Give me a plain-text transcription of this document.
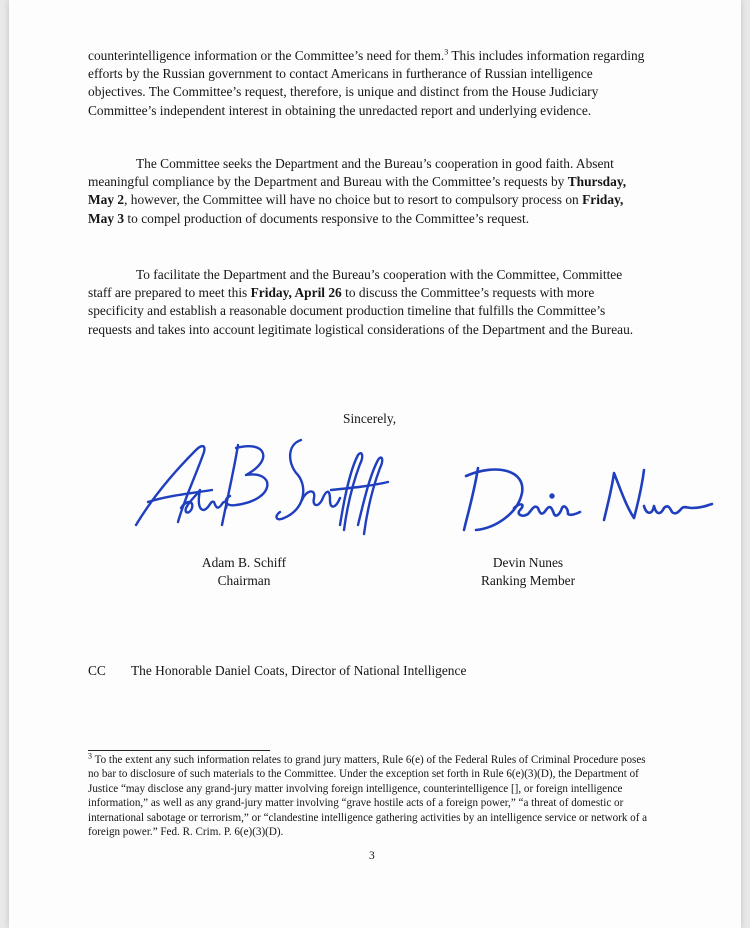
counterintelligence information or the Committee’s need for them.$^3$ This includes information regarding efforts by the Russian government to contact Americans in furtherance of Russian intelligence objectives. The Committee’s request, therefore, is unique and distinct from the House Judiciary Committee’s independent interest in obtaining the unredacted report and underlying evidence.

The Committee seeks the Department and the Bureau’s cooperation in good faith. Absent meaningful compliance by the Department and Bureau with the Committee’s requests by Thursday, May 2, however, the Committee will have no choice but to resort to compulsory process on Friday, May 3 to compel production of documents responsive to the Committee’s request.

To facilitate the Department and the Bureau’s cooperation with the Committee, Committee staff are prepared to meet this Friday, April 26 to discuss the Committee’s requests with more specificity and establish a reasonable document production timeline that fulfills the Committee’s requests and takes into account legitimate logistical considerations of the Department and the Bureau.

Sincerely,
Adam B. Schiff
Chairman
Devin Nunes
Ranking Member
CC The Honorable Daniel Coats, Director of National Intelligence
$^3$ To the extent any such information relates to grand jury matters, Rule 6(e) of the Federal Rules of Criminal Procedure poses no bar to disclosure of such materials to the Committee. Under the exception set forth in Rule 6(e)(3)(D), the Department of Justice “may disclose any grand-jury matter involving foreign intelligence, counterintelligence [], or foreign intelligence information,” as well as any grand-jury matter involving “grave hostile acts of a foreign power,” “a threat of domestic or international sabotage or terrorism,” or “clandestine intelligence gathering activities by an intelligence service or network of a foreign power.” Fed. R. Crim. P. 6(e)(3)(D).
3
